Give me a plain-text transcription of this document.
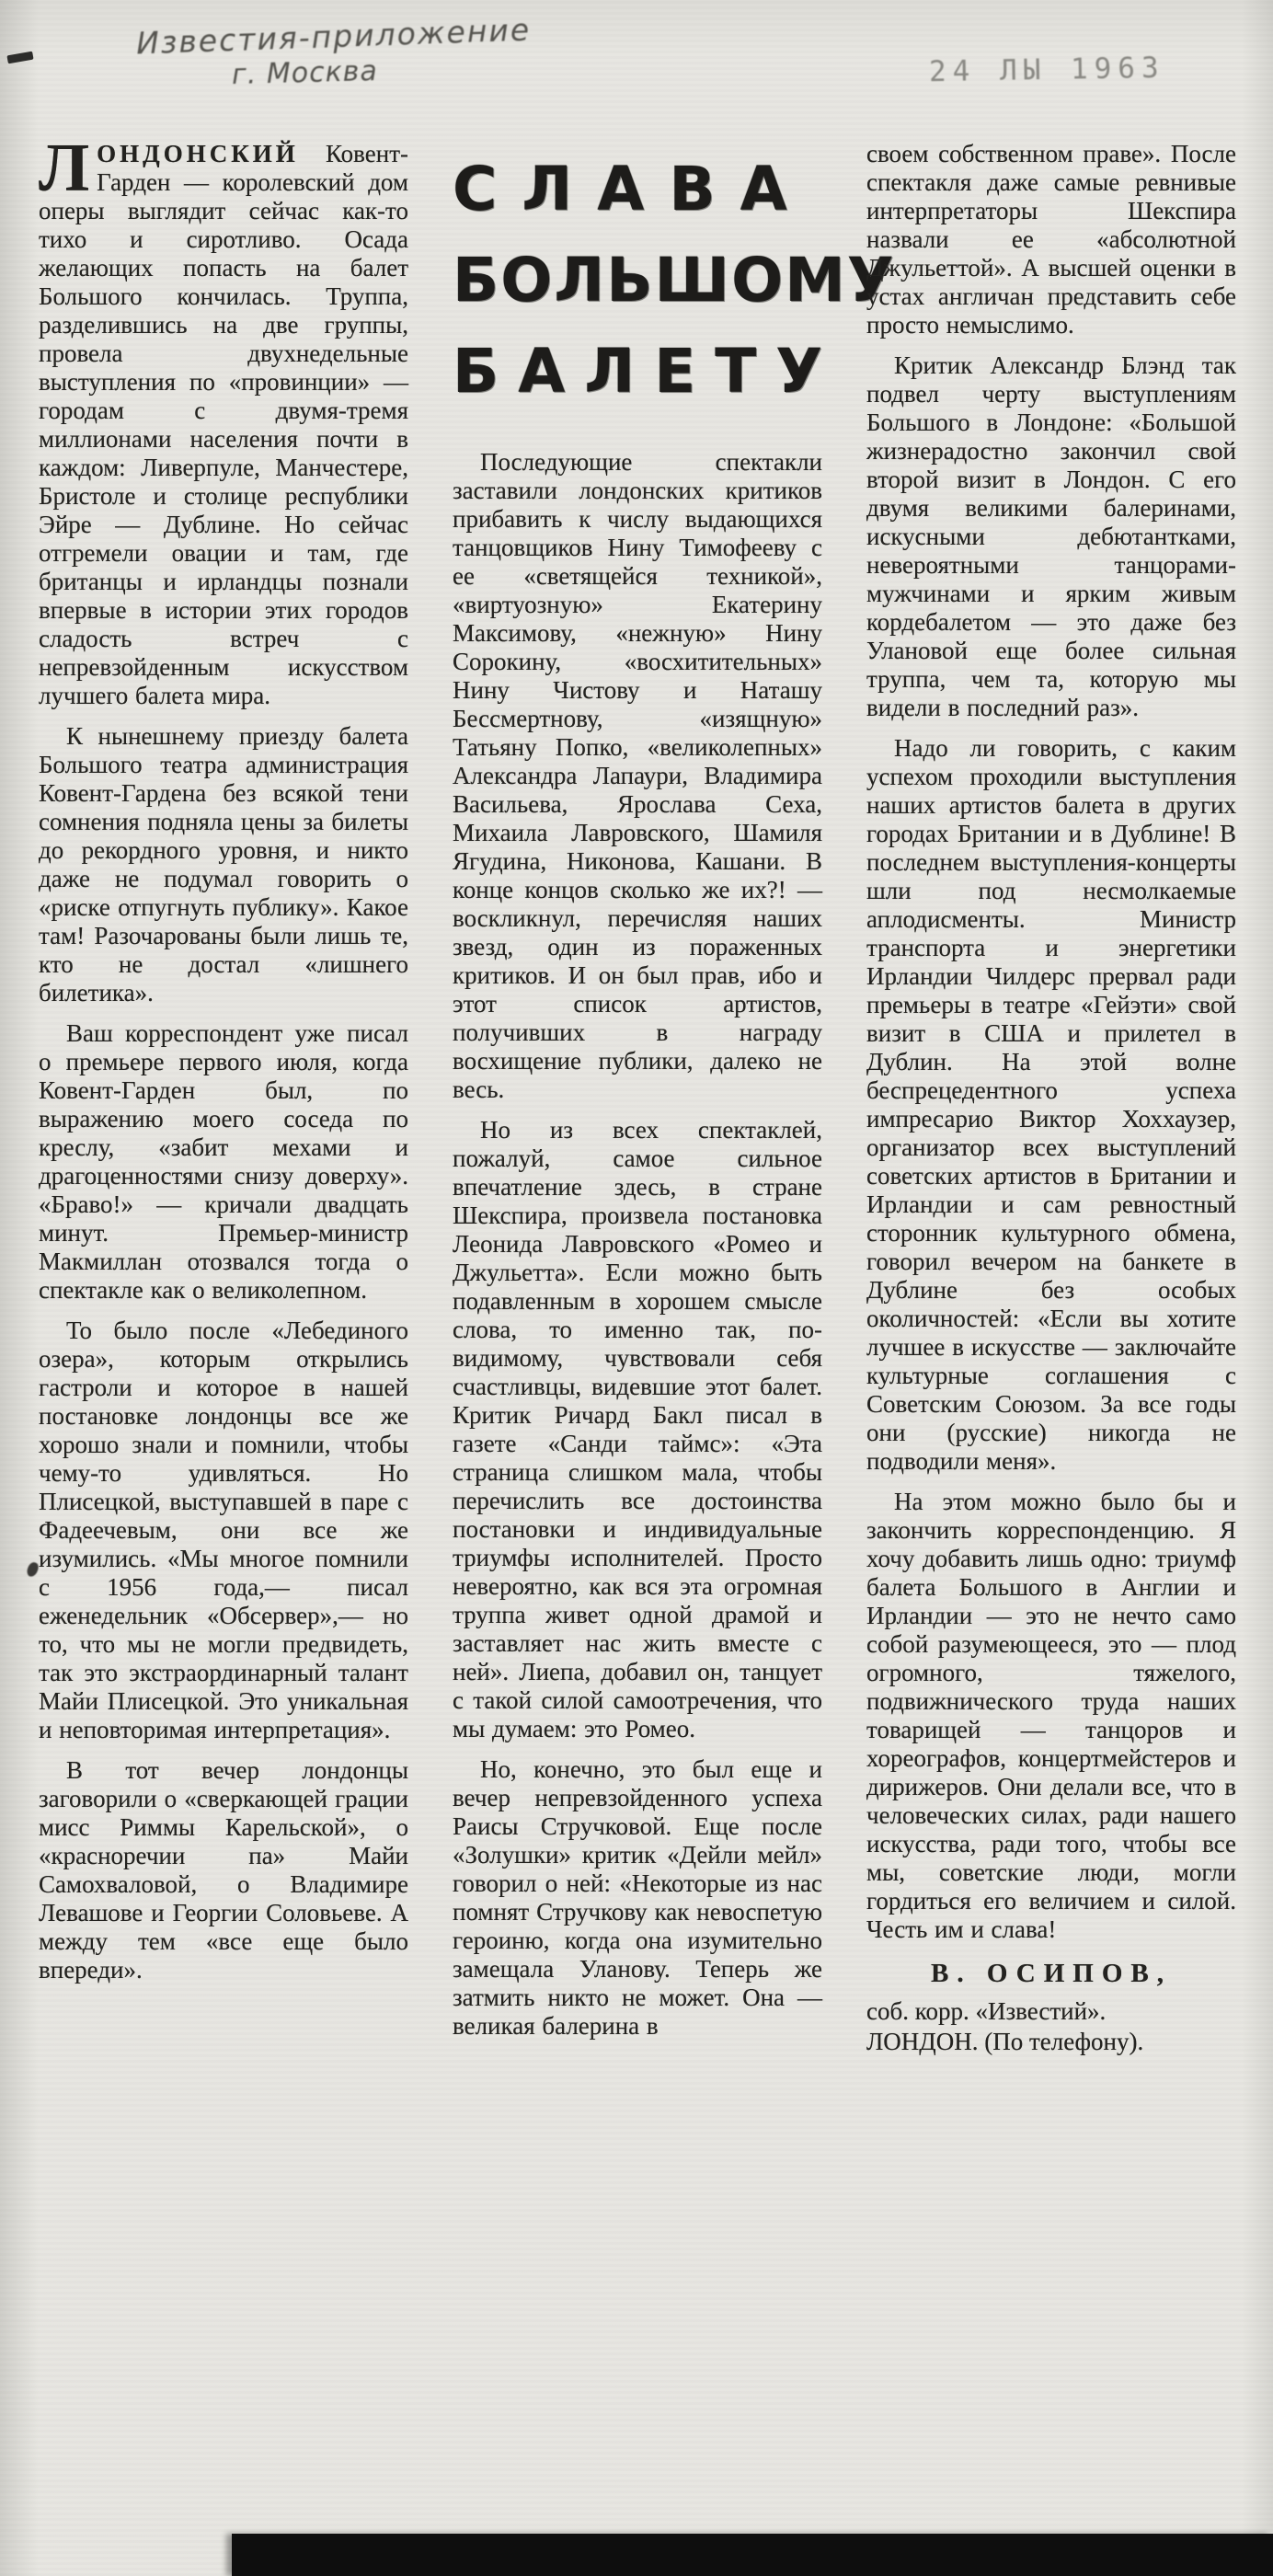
Известия-приложение
г. Москва	24 ЛЫ 1963

ЛОНДОНСКИЙ Ковент-Гарден — королевский дом оперы выглядит сейчас как-то тихо и сиротливо. Осада желающих попасть на балет Большого кончилась. Труппа, разделившись на две группы, провела двухнедельные выступления по «провинции» — городам с двумя-тремя миллионами населения почти в каждом: Ливерпуле, Манчестере, Бристоле и столице республики Эйре — Дублине. Но сейчас отгремели овации и там, где британцы и ирландцы познали впервые в истории этих городов сладость встреч с непревзойденным искусством лучшего балета мира.

К нынешнему приезду балета Большого театра администрация Ковент-Гардена без всякой тени сомнения подняла цены за билеты до рекордного уровня, и никто даже не подумал говорить о «риске отпугнуть публику». Какое там! Разочарованы были лишь те, кто не достал «лишнего билетика».

Ваш корреспондент уже писал о премьере первого июля, когда Ковент-Гарден был, по выражению моего соседа по креслу, «забит мехами и драгоценностями снизу доверху». «Браво!» — кричали двадцать минут. Премьер-министр Макмиллан отозвался тогда о спектакле как о великолепном.

То было после «Лебединого озера», которым открылись гастроли и которое в нашей постановке лондонцы все же хорошо знали и помнили, чтобы чему-то удивляться. Но Плисецкой, выступавшей в паре с Фадеечевым, они все же изумились. «Мы многое помнили с 1956 года,— писал еженедельник «Обсервер»,— но то, что мы не могли предвидеть, так это экстраординарный талант Майи Плисецкой. Это уникальная и неповторимая интерпретация».

В тот вечер лондонцы заговорили о «сверкающей грации мисс Риммы Карельской», о «красноречии па» Майи Самохваловой, о Владимире Левашове и Георгии Соловьеве. А между тем «все еще было впереди».

СЛАВА
БОЛЬШОМУ
БАЛЕТУ

Последующие спектакли заставили лондонских критиков прибавить к числу выдающихся танцовщиков Нину Тимофееву с ее «светящейся техникой», «виртуозную» Екатерину Максимову, «нежную» Нину Сорокину, «восхитительных» Нину Чистову и Наташу Бессмертнову, «изящную» Татьяну Попко, «великолепных» Александра Лапаури, Владимира Васильева, Ярослава Сеха, Михаила Лавровского, Шамиля Ягудина, Никонова, Кашани. В конце концов сколько же их?! — воскликнул, перечисляя наших звезд, один из пораженных критиков. И он был прав, ибо и этот список артистов, получивших в награду восхищение публики, далеко не весь.

Но из всех спектаклей, пожалуй, самое сильное впечатление здесь, в стране Шекспира, произвела постановка Леонида Лавровского «Ромео и Джульетта». Если можно быть подавленным в хорошем смысле слова, то именно так, по-видимому, чувствовали себя счастливцы, видевшие этот балет. Критик Ричард Бакл писал в газете «Санди таймс»: «Эта страница слишком мала, чтобы перечислить все достоинства постановки и индивидуальные триумфы исполнителей. Просто невероятно, как вся эта огромная труппа живет одной драмой и заставляет нас жить вместе с ней». Лиепа, добавил он, танцует с такой силой самоотречения, что мы думаем: это Ромео.

Но, конечно, это был еще и вечер непревзойденного успеха Раисы Стручковой. Еще после «Золушки» критик «Дейли мейл» говорил о ней: «Некоторые из нас помнят Стручкову как невоспетую героиню, когда она изумительно замещала Уланову. Теперь же затмить никто не может. Она — великая балерина в

своем собственном праве». После спектакля даже самые ревнивые интерпретаторы Шекспира назвали ее «абсолютной Джульеттой». А высшей оценки в устах англичан представить себе просто немыслимо.

Критик Александр Блэнд так подвел черту выступлениям Большого в Лондоне: «Большой жизнерадостно закончил свой второй визит в Лондон. С его двумя великими балеринами, искусными дебютантками, невероятными танцорами-мужчинами и ярким живым кордебалетом — это даже без Улановой еще более сильная труппа, чем та, которую мы видели в последний раз».

Надо ли говорить, с каким успехом проходили выступления наших артистов балета в других городах Британии и в Дублине! В последнем выступления-концерты шли под несмолкаемые аплодисменты. Министр транспорта и энергетики Ирландии Чилдерс прервал ради премьеры в театре «Гейэти» свой визит в США и прилетел в Дублин. На этой волне беспрецедентного успеха импресарио Виктор Хоххаузер, организатор всех выступлений советских артистов в Британии и Ирландии и сам ревностный сторонник культурного обмена, говорил вечером на банкете в Дублине без особых околичностей: «Если вы хотите лучшее в искусстве — заключайте культурные соглашения с Советским Союзом. За все годы они (русские) никогда не подводили меня».

На этом можно было бы и закончить корреспонденцию. Я хочу добавить лишь одно: триумф балета Большого в Англии и Ирландии — это не нечто само собой разумеющееся, это — плод огромного, тяжелого, подвижнического труда наших товарищей — танцоров и хореографов, концертмейстеров и дирижеров. Они делали все, что в человеческих силах, ради нашего искусства, ради того, чтобы все мы, советские люди, могли гордиться его величием и силой. Честь им и слава!

В. ОСИПОВ,
соб. корр. «Известий».
ЛОНДОН. (По телефону).
